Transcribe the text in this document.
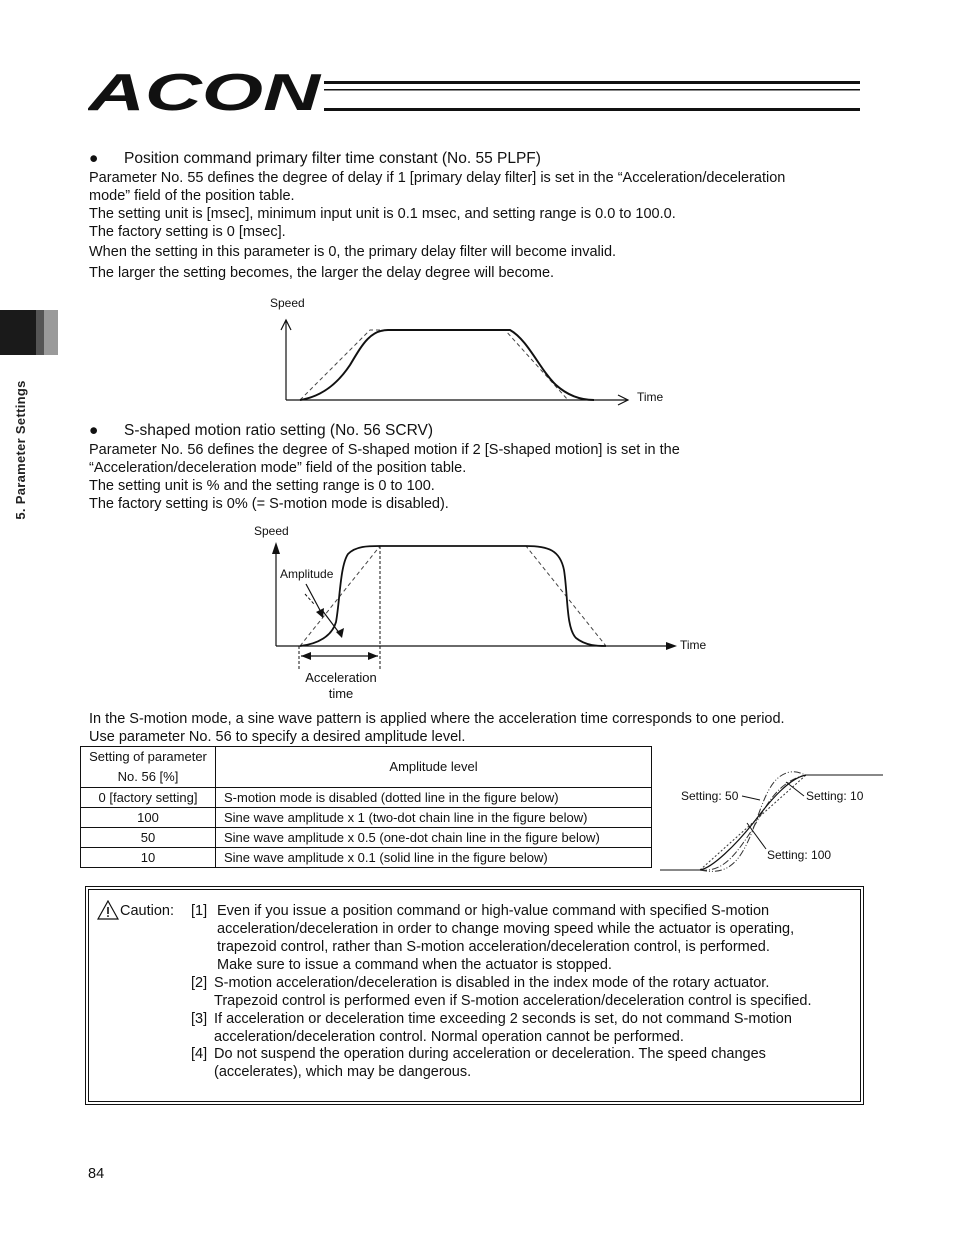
ACON
5. Parameter Settings
● Position command primary filter time constant (No. 55 PLPF)
Parameter No. 55 defines the degree of delay if 1 [primary delay filter] is set in the “Acceleration/deceleration
mode” field of the position table.
The setting unit is [msec], minimum input unit is 0.1 msec, and setting range is 0.0 to 100.0.
The factory setting is 0 [msec].
When the setting in this parameter is 0, the primary delay filter will become invalid.
The larger the setting becomes, the larger the delay degree will become.
Speed
Time
● S-shaped motion ratio setting (No. 56 SCRV)
Parameter No. 56 defines the degree of S-shaped motion if 2 [S-shaped motion] is set in the
“Acceleration/deceleration mode” field of the position table.
The setting unit is % and the setting range is 0 to 100.
The factory setting is 0% (= S-motion mode is disabled).
Speed
Time
Amplitude
Acceleration
time
In the S-motion mode, a sine wave pattern is applied where the acceleration time corresponds to one period.
Use parameter No. 56 to specify a desired amplitude level.
Setting of parameter
No. 56 [%]	Amplitude level
0 [factory setting]	S-motion mode is disabled (dotted line in the figure below)
100	Sine wave amplitude x 1 (two-dot chain line in the figure below)
50	Sine wave amplitude x 0.5 (one-dot chain line in the figure below)
10	Sine wave amplitude x 0.1 (solid line in the figure below)
Setting: 50	Setting: 10
Setting: 100
Caution: [1] Even if you issue a position command or high-value command with specified S-motion
acceleration/deceleration in order to change moving speed while the actuator is operating,
trapezoid control, rather than S-motion acceleration/deceleration control, is performed.
Make sure to issue a command when the actuator is stopped.
[2] S-motion acceleration/deceleration is disabled in the index mode of the rotary actuator.
Trapezoid control is performed even if S-motion acceleration/deceleration control is specified.
[3] If acceleration or deceleration time exceeding 2 seconds is set, do not command S-motion
acceleration/deceleration control. Normal operation cannot be performed.
[4] Do not suspend the operation during acceleration or deceleration. The speed changes
(accelerates), which may be dangerous.
84
